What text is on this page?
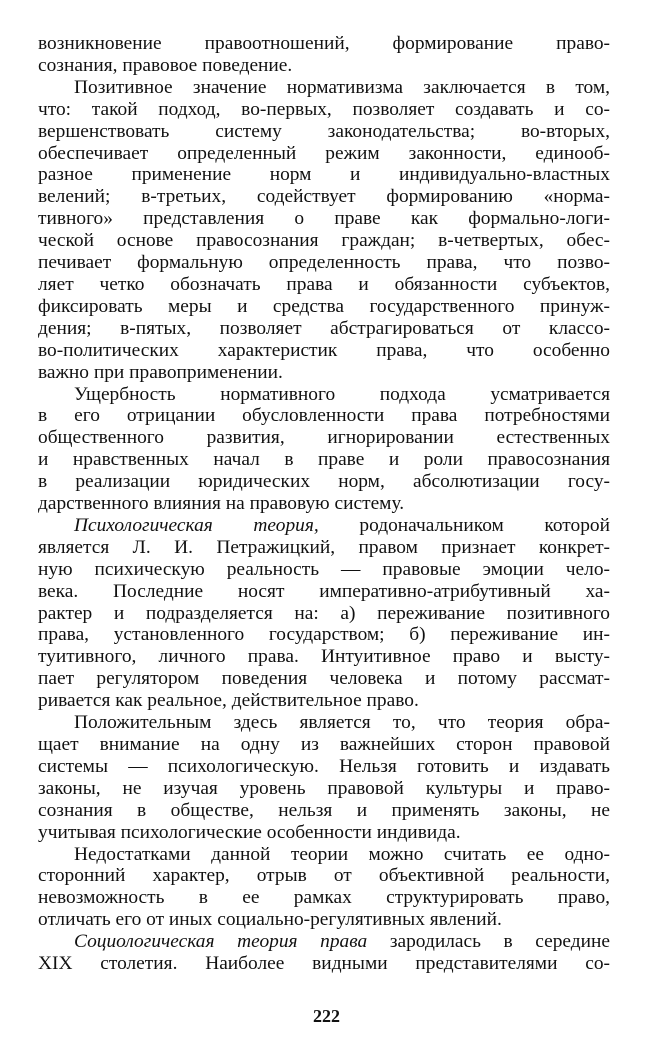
возникновение правоотношений, формирование право-
сознания, правовое поведение.
Позитивное значение нормативизма заключается в том,
что: такой подход, во-первых, позволяет создавать и со-
вершенствовать систему законодательства; во-вторых,
обеспечивает определенный режим законности, единооб-
разное применение норм и индивидуально-властных
велений; в-третьих, содействует формированию «норма-
тивного» представления о праве как формально-логи-
ческой основе правосознания граждан; в-четвертых, обес-
печивает формальную определенность права, что позво-
ляет четко обозначать права и обязанности субъектов,
фиксировать меры и средства государственного принуж-
дения; в-пятых, позволяет абстрагироваться от классо-
во-политических характеристик права, что особенно
важно при правоприменении.
Ущербность нормативного подхода усматривается
в его отрицании обусловленности права потребностями
общественного развития, игнорировании естественных
и нравственных начал в праве и роли правосознания
в реализации юридических норм, абсолютизации госу-
дарственного влияния на правовую систему.
Психологическая теория, родоначальником которой
является Л. И. Петражицкий, правом признает конкрет-
ную психическую реальность — правовые эмоции чело-
века. Последние носят императивно-атрибутивный ха-
рактер и подразделяется на: а) переживание позитивного
права, установленного государством; б) переживание ин-
туитивного, личного права. Интуитивное право и высту-
пает регулятором поведения человека и потому рассмат-
ривается как реальное, действительное право.
Положительным здесь является то, что теория обра-
щает внимание на одну из важнейших сторон правовой
системы — психологическую. Нельзя готовить и издавать
законы, не изучая уровень правовой культуры и право-
сознания в обществе, нельзя и применять законы, не
учитывая психологические особенности индивида.
Недостатками данной теории можно считать ее одно-
сторонний характер, отрыв от объективной реальности,
невозможность в ее рамках структурировать право,
отличать его от иных социально-регулятивных явлений.
Социологическая теория права зародилась в середине
XIX столетия. Наиболее видными представителями со-
222
